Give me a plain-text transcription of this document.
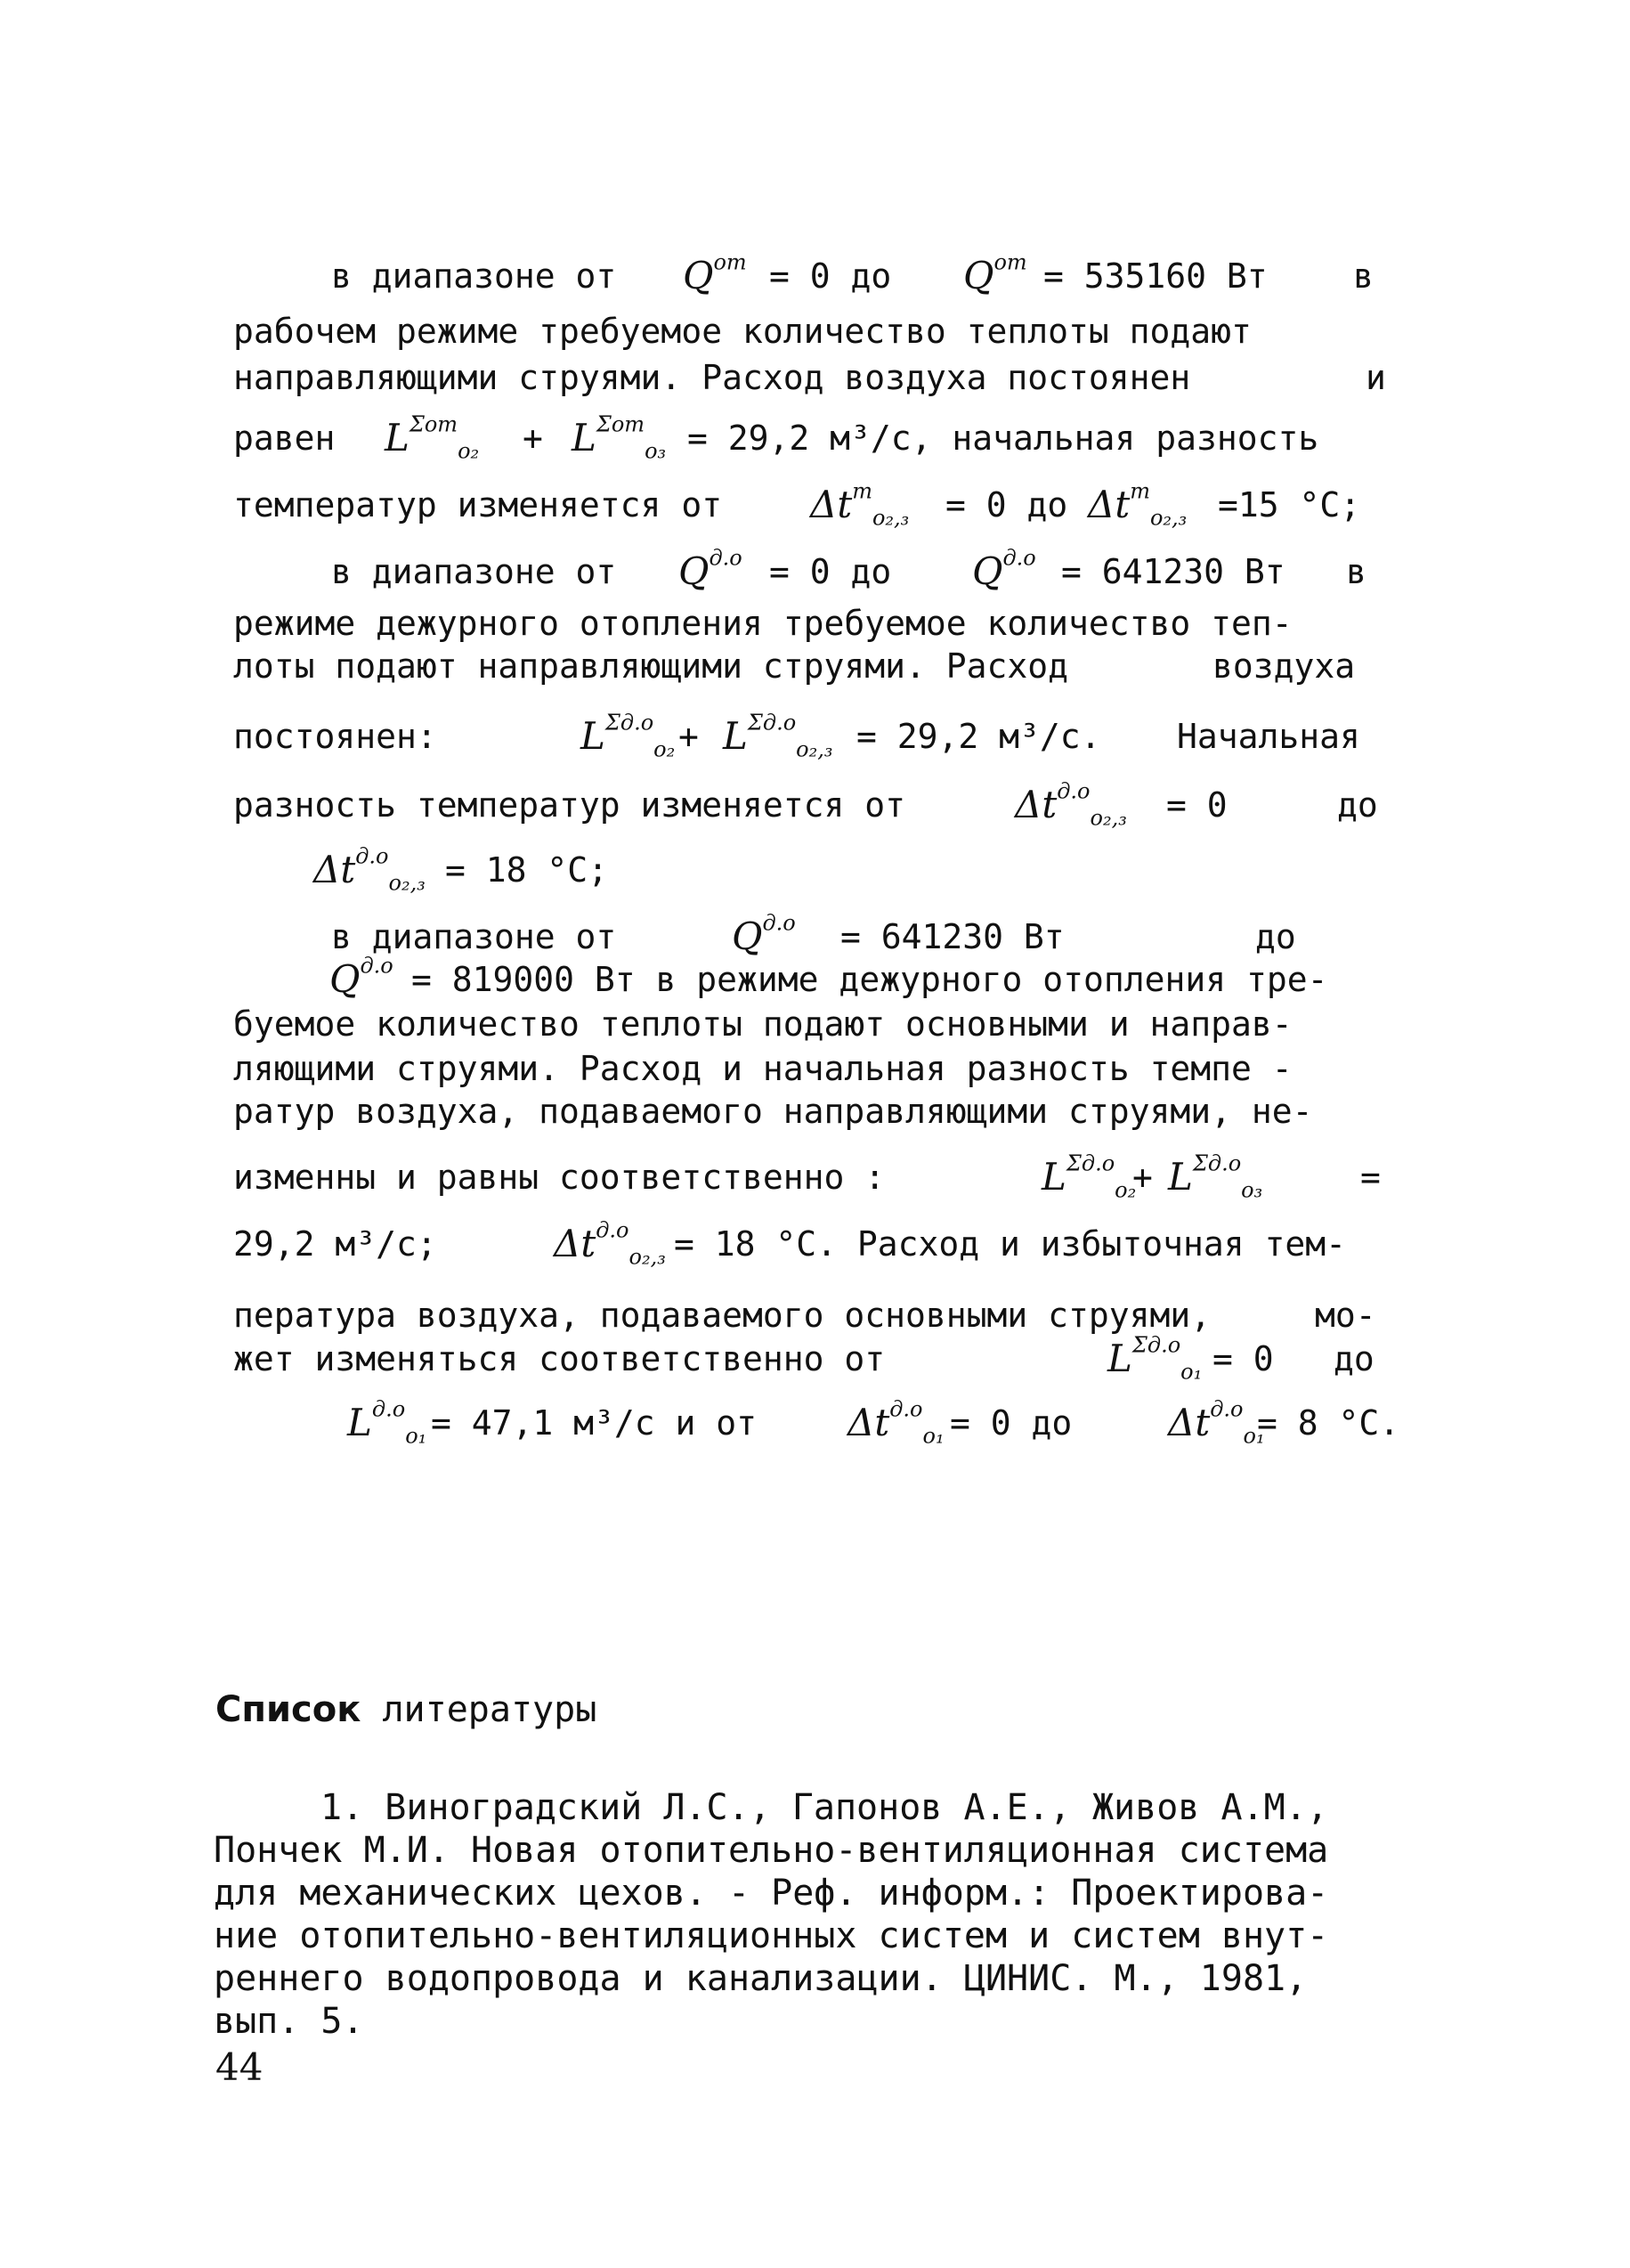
в диапазоне от $Q^{от} = 0$ до $Q^{от} = 535160$ Вт	в
рабочем режиме требуемое количество теплоты подают
направляющими струями. Расход воздуха постоянен	и
равен $L^{\Sigma от}_{o_2} + L^{\Sigma от}_{o_3} = 29,2$ м³/с, начальная разность
температур изменяется от $\Delta t^т_{o_2,_3} = 0$ до $\Delta t^т_{o_2,_3} =15$ °C;
в диапазоне от $Q^{д.о} = 0$ до $Q^{д.о} = 641230$ Вт в
режиме дежурного отопления требуемое количество теп-
лоты подают направляющими струями. Расход	воздуха
постоянен:	$L^{\Sigma д.о}_{o_2} + L^{\Sigma д.о}_{o_2,_3} = 29,2$ м³/с. Начальная
разность температур изменяется от	$\Delta t^{д.о}_{o_2,_3} = 0$	до
$\Delta t^{д.о}_{o_2,_3} = 18$ °C;
в диапазоне от	$Q^{д.о} = 641230$ Вт	до
$Q^{д.о} = 819000$ Вт в режиме дежурного отопления тре-
буемое количество теплоты подают основными и направ-
ляющими струями. Расход и начальная разность темпе -
ратур воздуха, подаваемого направляющими струями, не-
изменны и равны соответственно :	$L^{\Sigma д.о}_{o_2}$
+ $L^{\Sigma д.о}_{o_3}$	=
29,2 м³/с;	$\Delta t^{д.о}_{o_2,_3} = 18$ °C. Расход и избыточная тем-
пература воздуха, подаваемого основными струями,	мо-
жет изменяться соответственно от	$L^{\Sigma д.о}_{o_1} = 0$ до
$L^{д.о}_{o_1} = 47,1$ м³/с и от $\Delta t^{д.о}_{o_1} = 0$ до	$\Delta t^{д.о}_{o_1}$
= 8 °C.
Список литературы
1. Виноградский Л.С., Гапонов А.Е., Живов А.М.,
Пончек М.И. Новая отопительно-вентиляционная система
для механических цехов. - Реф. информ.: Проектирова-
ние отопительно-вентиляционных систем и систем внут-
реннего водопровода и канализации. ЦИНИС. М., 1981,
вып. 5.
44
